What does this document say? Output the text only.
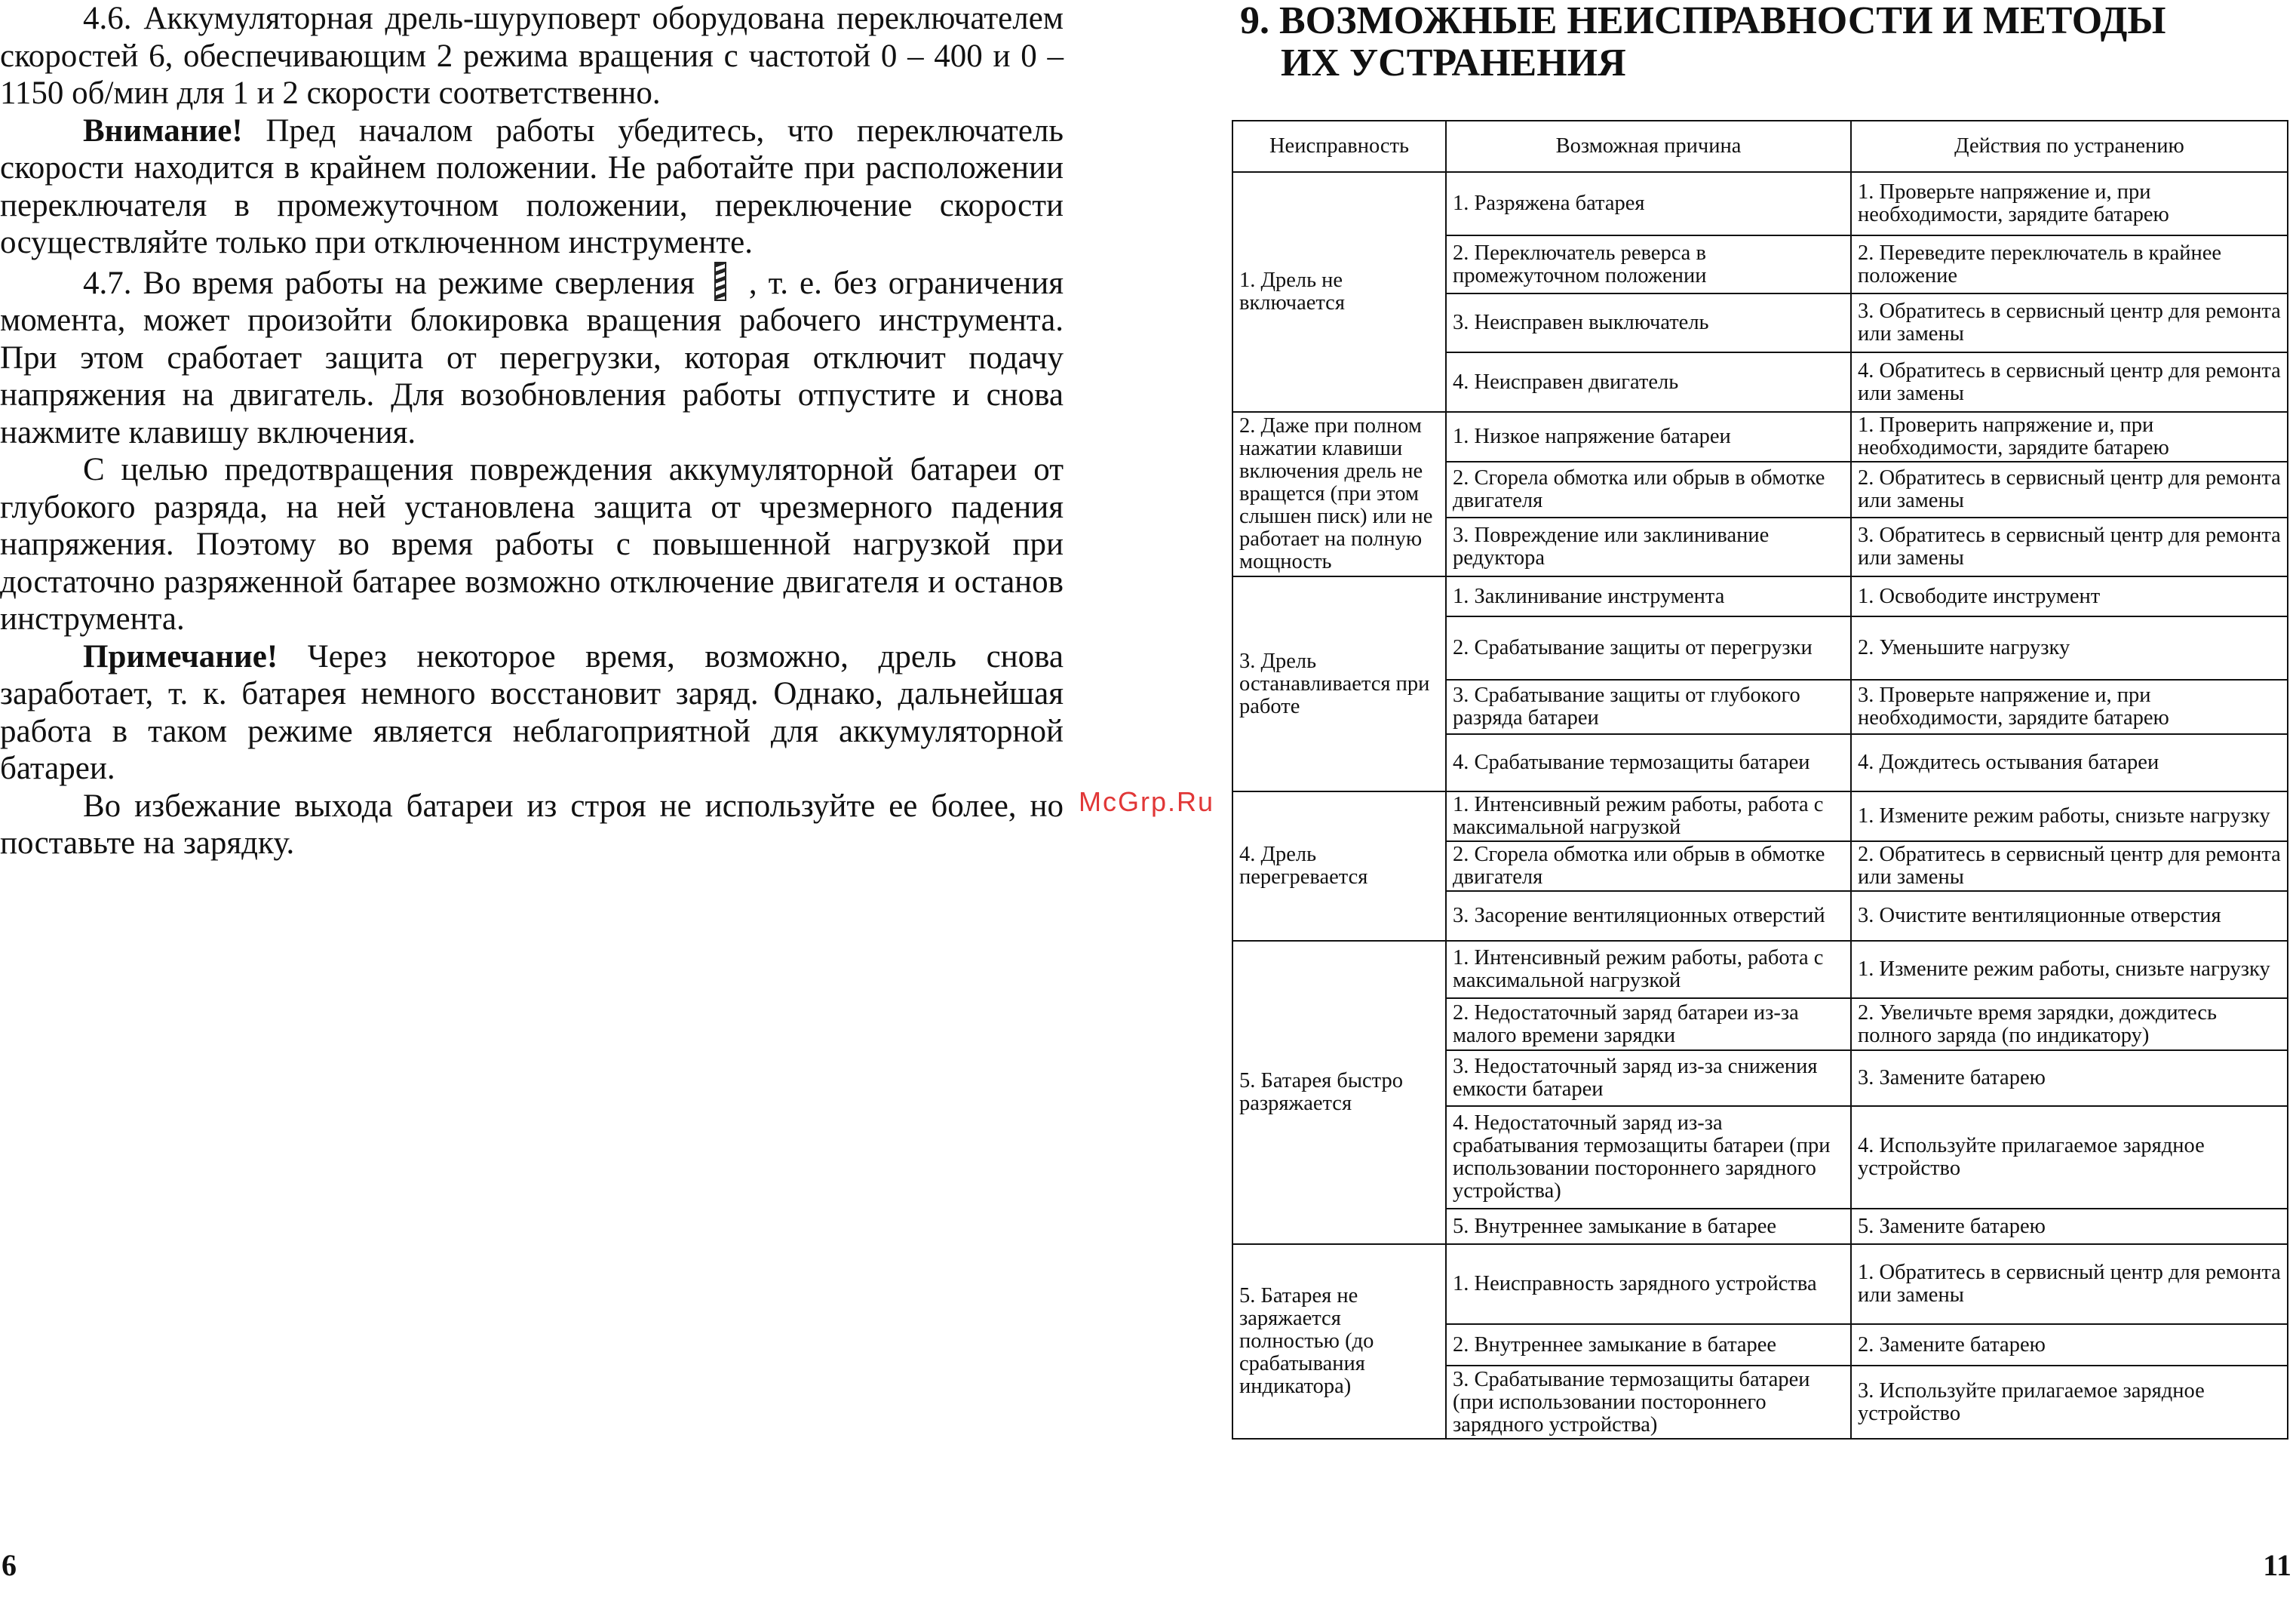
4.6. Аккумуляторная дрель-шуруповерт оборудована переключателем скоростей 6, обеспечивающим 2 режима вращения с частотой 0 – 400 и 0 – 1150 об/мин для 1 и 2 скорости соответственно.

Внимание! Пред началом работы убедитесь, что переключатель скорости находится в крайнем положении. Не работайте при расположении переключателя в промежуточном положении, переключение скорости осуществляйте только при отключенном инструменте.

4.7. Во время работы на режиме сверления , т. е. без ограничения момента, может произойти блокировка вращения рабочего инструмента. При этом сработает защита от перегрузки, которая отключит подачу напряжения на двигатель. Для возобновления работы отпустите и снова нажмите клавишу включения.

С целью предотвращения повреждения аккумуляторной батареи от глубокого разряда, на ней установлена защита от чрезмерного падения напряжения. Поэтому во время работы с повышенной нагрузкой при достаточно разряженной батарее возможно отключение двигателя и останов инструмента.

Примечание! Через некоторое время, возможно, дрель снова заработает, т. к. батарея немного восстановит заряд. Однако, дальнейшая работа в таком режиме является неблагоприятной для аккумуляторной батареи.

Во избежание выхода батареи из строя не используйте ее более, но поставьте на зарядку.

McGrp.Ru
9. ВОЗМОЖНЫЕ НЕИСПРАВНОСТИ И МЕТОДЫ
ИХ УСТРАНЕНИЯ
Неисправность	Возможная причина	Действия по устранению
1. Дрель не включается	1. Разряжена батарея	1. Проверьте напряжение и, при необходимости, зарядите батарею
	2. Переключатель реверса в промежуточном положении	2. Переведите переключатель в крайнее положение
	3. Неисправен выключатель	3. Обратитесь в сервисный центр для ремонта или замены
	4. Неисправен двигатель	4. Обратитесь в сервисный центр для ремонта или замены
2. Даже при полном нажатии клавиши включения дрель не вращется (при этом слышен писк) или не работает на полную мощность	1. Низкое напряжение батареи	1. Проверить напряжение и, при необходимости, зарядите батарею
	2. Сгорела обмотка или обрыв в обмотке двигателя	2. Обратитесь в сервисный центр для ремонта или замены
	3. Повреждение или заклинивание редуктора	3. Обратитесь в сервисный центр для ремонта или замены
3. Дрель останавливается при работе	1. Заклинивание инструмента	1. Освободите инструмент
	2. Срабатывание защиты от перегрузки	2. Уменьшите нагрузку
	3. Срабатывание защиты от глубокого разряда батареи	3. Проверьте напряжение и, при необходимости, зарядите батарею
	4. Срабатывание термозащиты батареи	4. Дождитесь остывания батареи
4. Дрель перегревается	1. Интенсивный режим работы, работа с максимальной нагрузкой	1. Измените режим работы, снизьте нагрузку
	2. Сгорела обмотка или обрыв в обмотке двигателя	2. Обратитесь в сервисный центр для ремонта или замены
	3. Засорение вентиляционных отверстий	3. Очистите вентиляционные отверстия
5. Батарея быстро разряжается	1. Интенсивный режим работы, работа с максимальной нагрузкой	1. Измените режим работы, снизьте нагрузку
	2. Недостаточный заряд батареи из-за малого времени зарядки	2. Увеличьте время зарядки, дождитесь полного заряда (по индикатору)
	3. Недостаточный заряд из-за снижения емкости батареи	3. Замените батарею
	4. Недостаточный заряд из-за срабатывания термозащиты батареи (при использовании постороннего зарядного устройства)	4. Используйте прилагаемое зарядное устройство
	5. Внутреннее замыкание в батарее	5. Замените батарею
5. Батарея не заряжается полностью (до срабатывания индикатора)	1. Неисправность зарядного устройства	1. Обратитесь в сервисный центр для ремонта или замены
	2. Внутреннее замыкание в батарее	2. Замените батарею
	3. Срабатывание термозащиты батареи (при использовании постороннего зарядного устройства)	3. Используйте прилагаемое зарядное устройство
6	11
